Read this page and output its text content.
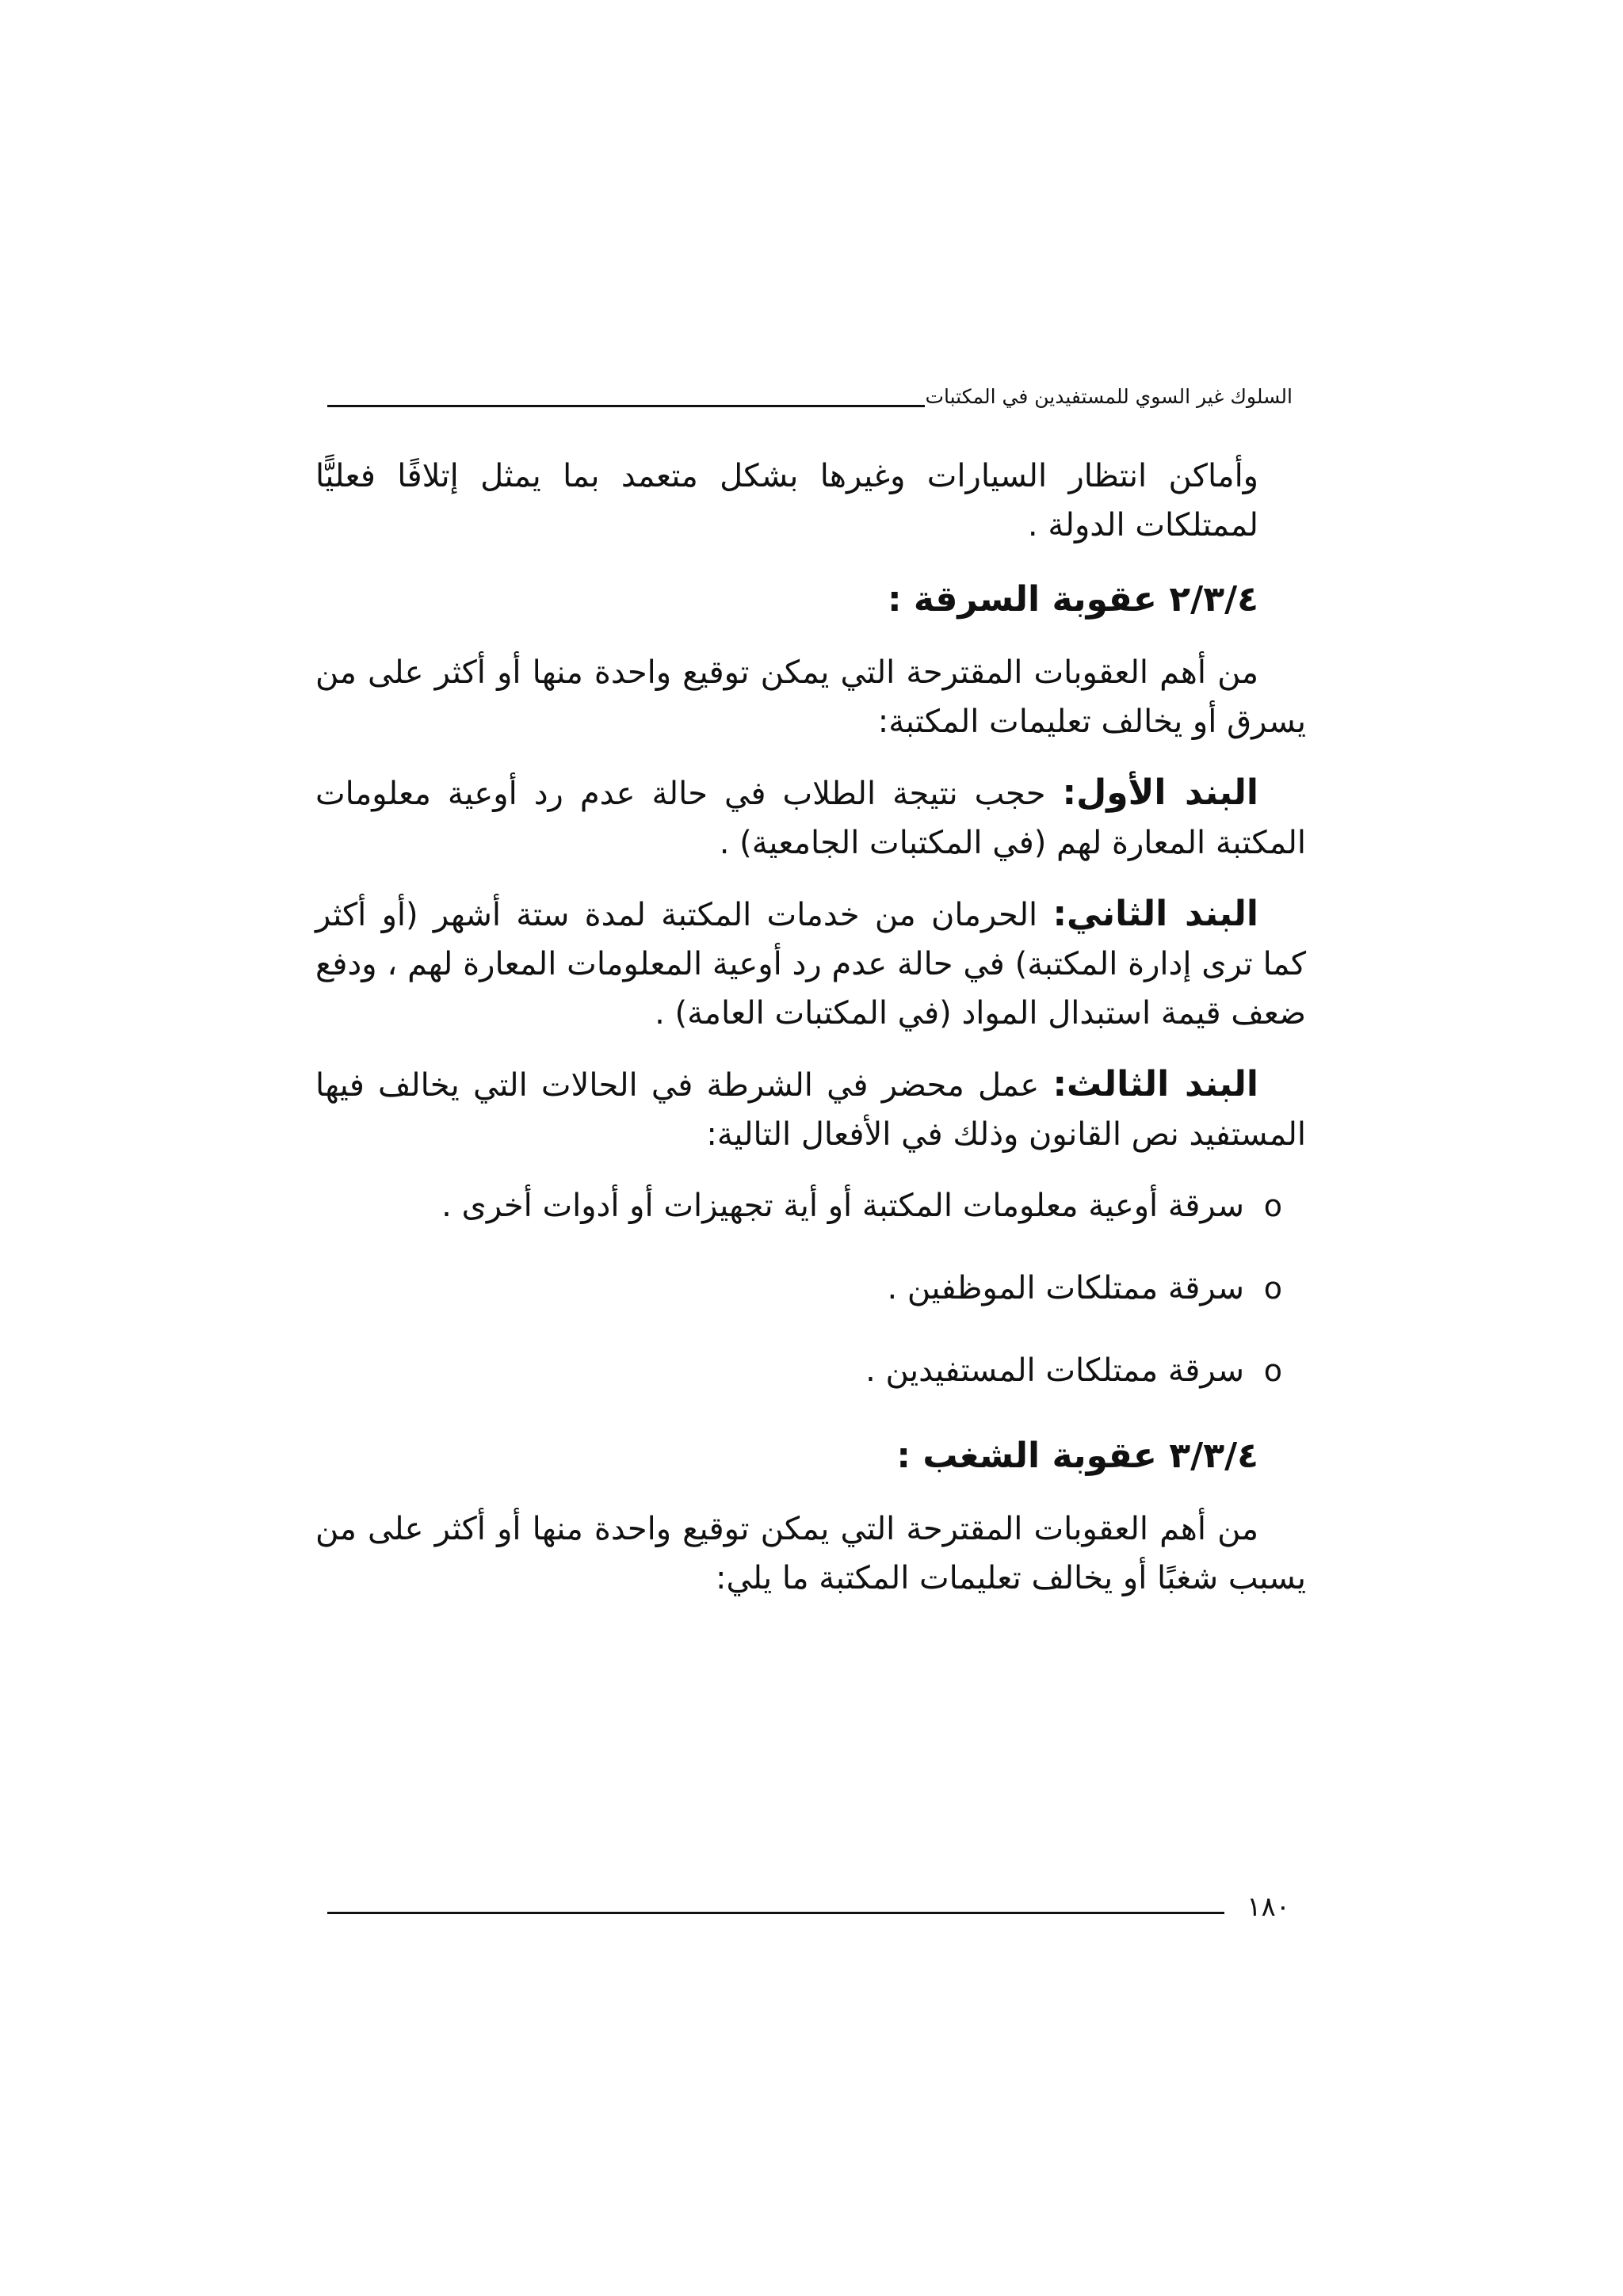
السلوك غير السوي للمستفيدين في المكتبات

وأماكن انتظار السيارات وغيرها بشكل متعمد بما يمثل إتلافًا فعليًّا لممتلكات الدولة .

٢/٣/٤ عقوبة السرقة :

من أهم العقوبات المقترحة التي يمكن توقيع واحدة منها أو أكثر على من يسرق أو يخالف تعليمات المكتبة:

البند الأول: حجب نتيجة الطلاب في حالة عدم رد أوعية معلومات المكتبة المعارة لهم (في المكتبات الجامعية) .

البند الثاني: الحرمان من خدمات المكتبة لمدة ستة أشهر (أو أكثر كما ترى إدارة المكتبة) في حالة عدم رد أوعية المعلومات المعارة لهم ، ودفع ضعف قيمة استبدال المواد (في المكتبات العامة) .

البند الثالث: عمل محضر في الشرطة في الحالات التي يخالف فيها المستفيد نص القانون وذلك في الأفعال التالية:

o
سرقة أوعية معلومات المكتبة أو أية تجهيزات أو أدوات أخرى .
o
سرقة ممتلكات الموظفين .
o
سرقة ممتلكات المستفيدين .
٣/٣/٤ عقوبة الشغب :

من أهم العقوبات المقترحة التي يمكن توقيع واحدة منها أو أكثر على من يسبب شغبًا أو يخالف تعليمات المكتبة ما يلي:

١٨٠
